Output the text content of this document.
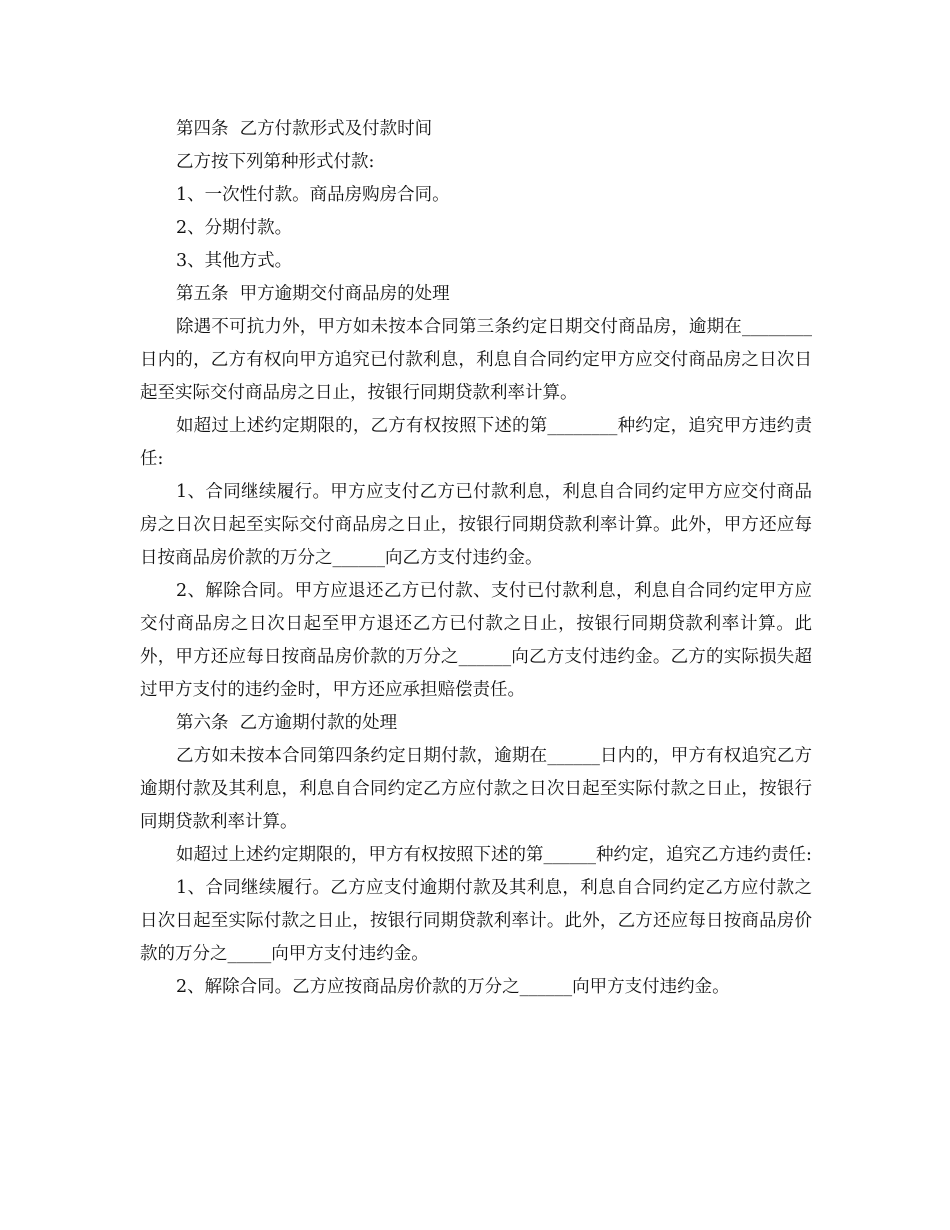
第四条  乙方付款形式及付款时间

乙方按下列第种形式付款:

1、一次性付款。商品房购房合同。

2、分期付款。

3、其他方式。

第五条  甲方逾期交付商品房的处理

除遇不可抗力外，甲方如未按本合同第三条约定日期交付商品房，逾期在________日内的，乙方有权向甲方追究已付款利息，利息自合同约定甲方应交付商品房之日次日起至实际交付商品房之日止，按银行同期贷款利率计算。

如超过上述约定期限的，乙方有权按照下述的第________种约定，追究甲方违约责任:

1、合同继续履行。甲方应支付乙方已付款利息，利息自合同约定甲方应交付商品房之日次日起至实际交付商品房之日止，按银行同期贷款利率计算。此外，甲方还应每日按商品房价款的万分之______向乙方支付违约金。

2、解除合同。甲方应退还乙方已付款、支付已付款利息，利息自合同约定甲方应交付商品房之日次日起至甲方退还乙方已付款之日止，按银行同期贷款利率计算。此外，甲方还应每日按商品房价款的万分之______向乙方支付违约金。乙方的实际损失超过甲方支付的违约金时，甲方还应承担赔偿责任。

第六条  乙方逾期付款的处理

乙方如未按本合同第四条约定日期付款，逾期在______日内的，甲方有权追究乙方逾期付款及其利息，利息自合同约定乙方应付款之日次日起至实际付款之日止，按银行同期贷款利率计算。

如超过上述约定期限的，甲方有权按照下述的第______种约定，追究乙方违约责任:

1、合同继续履行。乙方应支付逾期付款及其利息，利息自合同约定乙方应付款之日次日起至实际付款之日止，按银行同期贷款利率计。此外，乙方还应每日按商品房价款的万分之_____向甲方支付违约金。

2、解除合同。乙方应按商品房价款的万分之______向甲方支付违约金。
